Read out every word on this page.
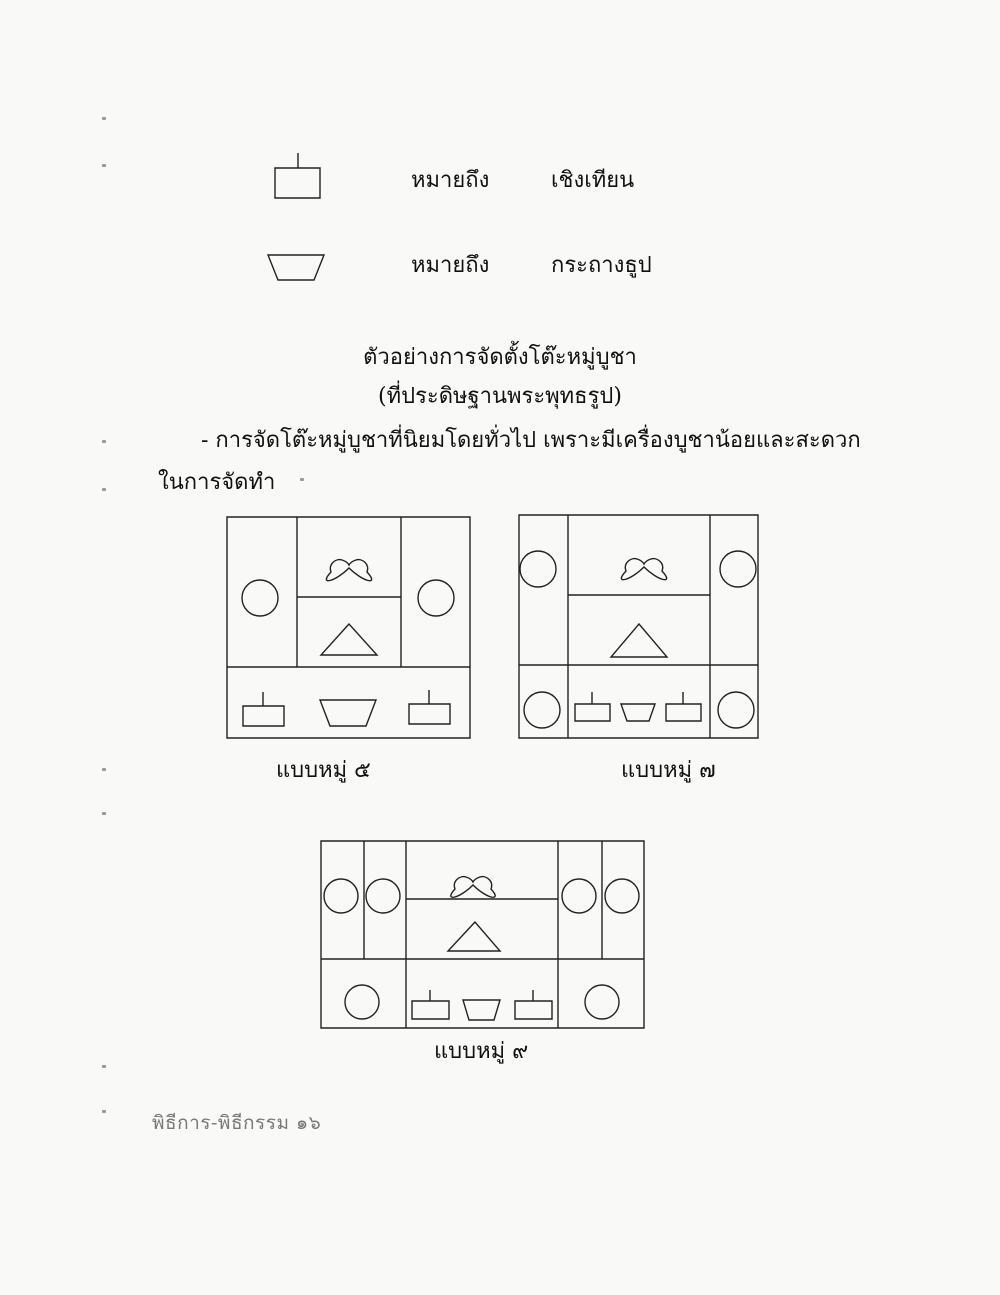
หมายถึง	เชิงเทียน
หมายถึง	กระถางธูป
ตัวอย่างการจัดตั้งโต๊ะหมู่บูชา
(ที่ประดิษฐานพระพุทธรูป)
- การจัดโต๊ะหมู่บูชาที่นิยมโดยทั่วไป เพราะมีเครื่องบูชาน้อยและสะดวก
ในการจัดทำ
แบบหมู่ ๕	แบบหมู่ ๗
แบบหมู่ ๙
พิธีการ-พิธีกรรม ๑๖
